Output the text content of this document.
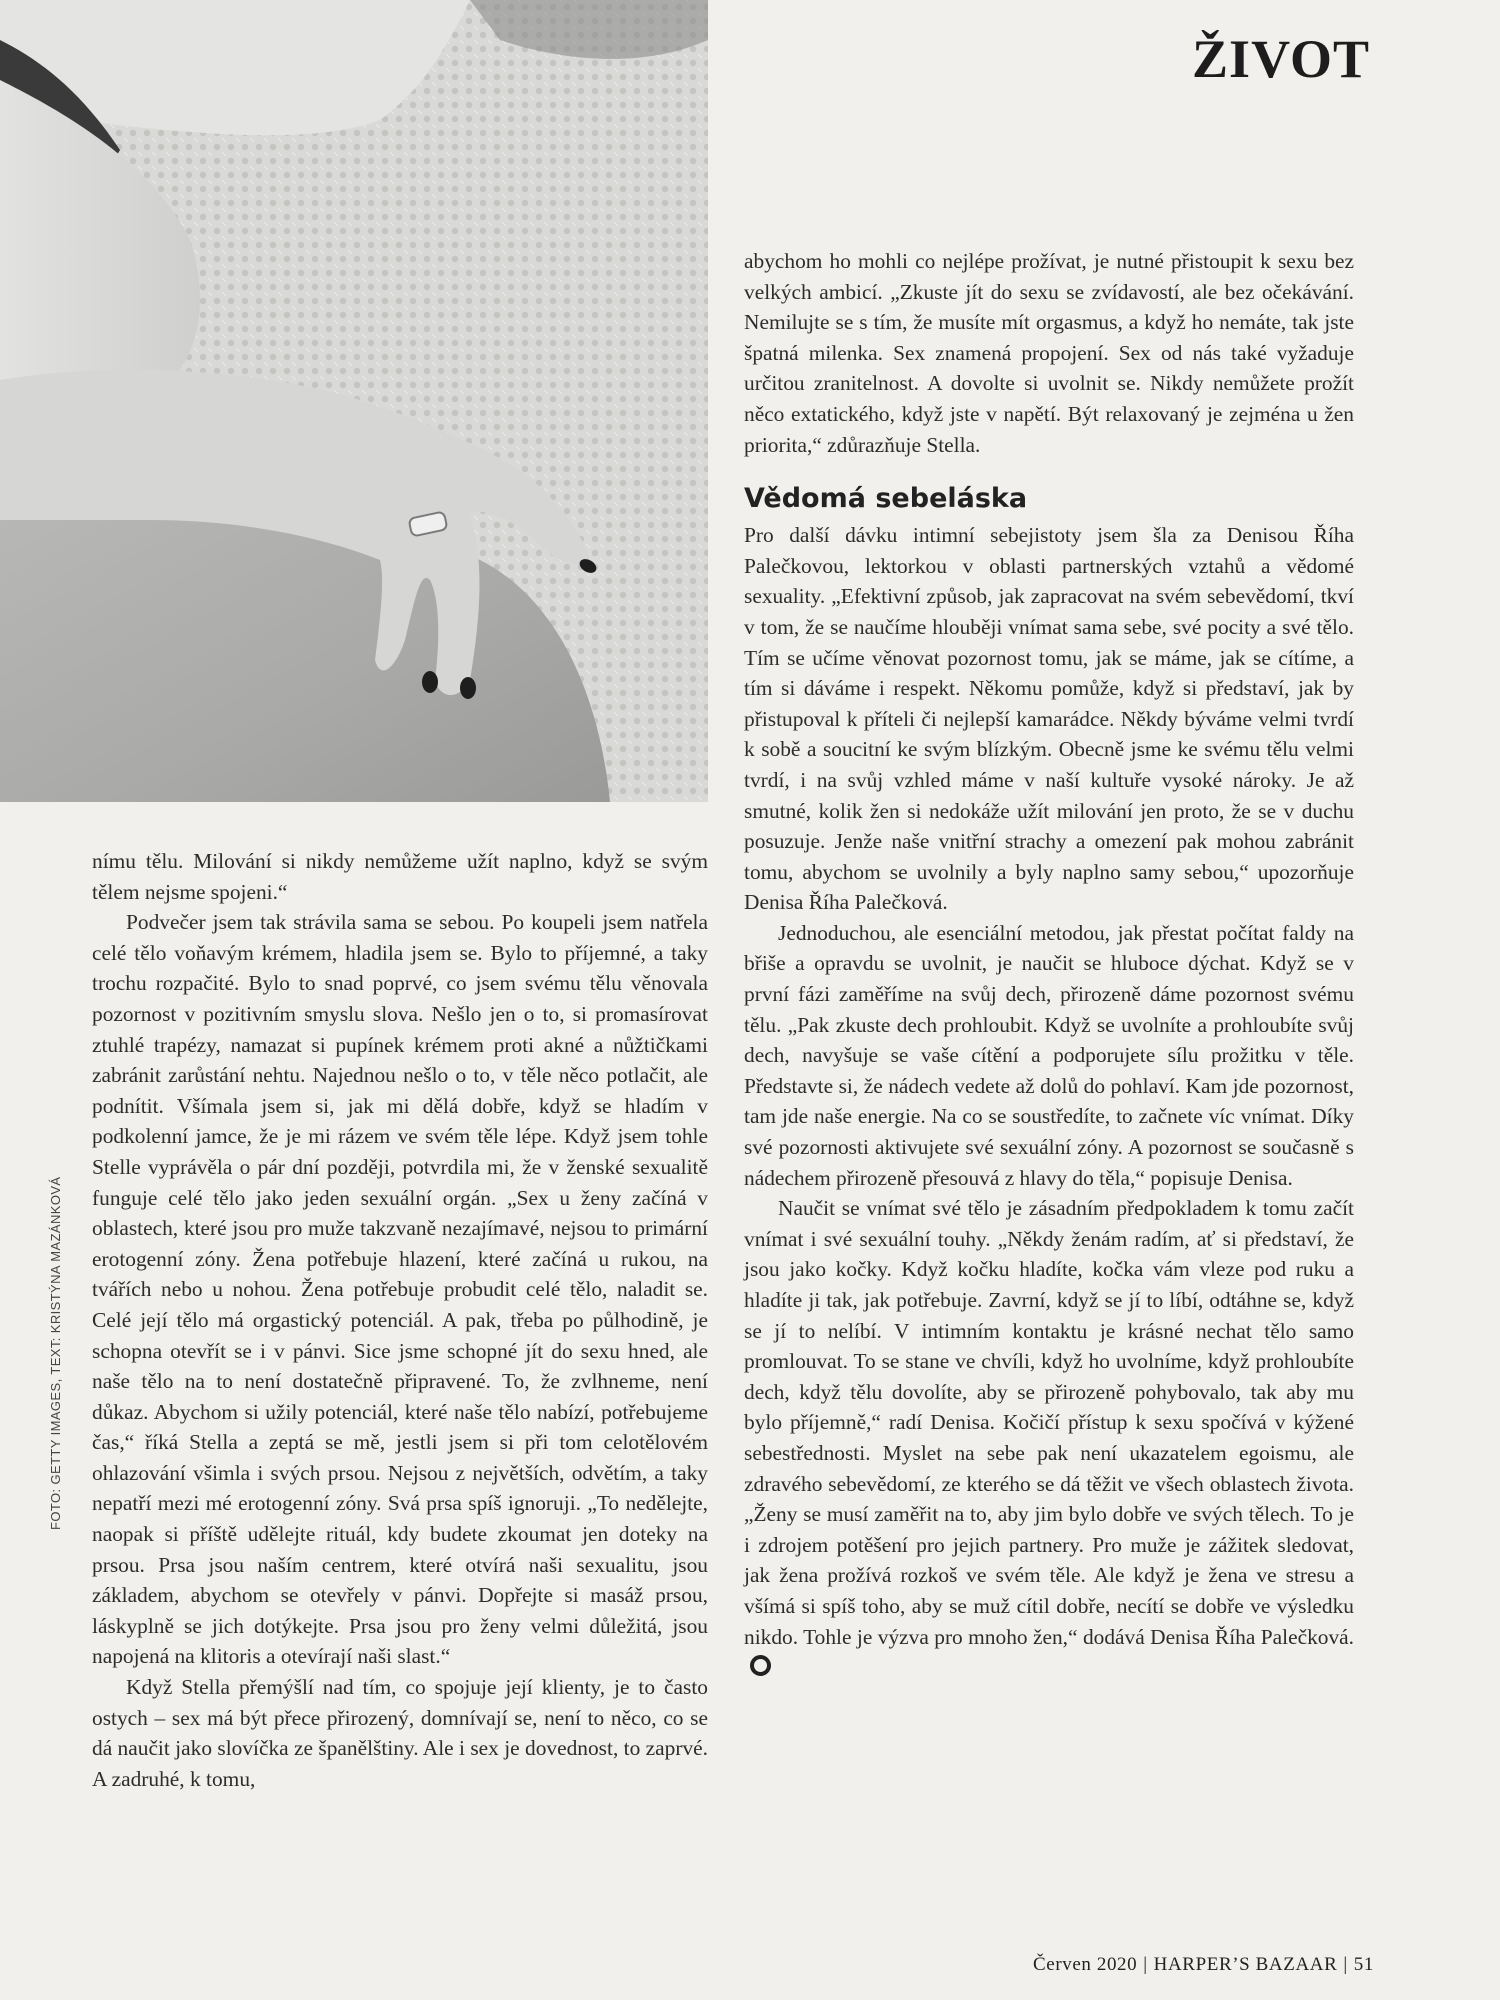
ŽIVOT

nímu tělu. Milování si nikdy nemůžeme užít naplno, když se svým tělem nejsme spojeni.“

Podvečer jsem tak strávila sama se sebou. Po koupeli jsem natřela celé tělo voňavým krémem, hladila jsem se. Bylo to příjemné, a taky trochu rozpačité. Bylo to snad poprvé, co jsem svému tělu věnovala pozornost v pozitivním smyslu slova. Nešlo jen o to, si promasírovat ztuhlé trapézy, namazat si pupínek krémem proti akné a nůžtičkami zabránit zarůstání nehtu. Najednou nešlo o to, v těle něco potlačit, ale podnítit. Všímala jsem si, jak mi dělá dobře, když se hladím v podkolenní jamce, že je mi rázem ve svém těle lépe. Když jsem tohle Stelle vyprávěla o pár dní později, potvrdila mi, že v ženské sexualitě funguje celé tělo jako jeden sexuální orgán. „Sex u ženy začíná v oblastech, které jsou pro muže takzvaně nezajímavé, nejsou to primární erotogenní zóny. Žena potřebuje hlazení, které začíná u rukou, na tvářích nebo u nohou. Žena potřebuje probudit celé tělo, naladit se. Celé její tělo má orgastický potenciál. A pak, třeba po půlhodině, je schopna otevřít se i v pánvi. Sice jsme schopné jít do sexu hned, ale naše tělo na to není dostatečně připravené. To, že zvlhneme, není důkaz. Abychom si užily potenciál, které naše tělo nabízí, potřebujeme čas,“ říká Stella a zeptá se mě, jestli jsem si při tom celotělovém ohlazování všimla i svých prsou. Nejsou z největších, odvětím, a taky nepatří mezi mé erotogenní zóny. Svá prsa spíš ignoruji. „To nedělejte, naopak si příště udělejte rituál, kdy budete zkoumat jen doteky na prsou. Prsa jsou naším centrem, které otvírá naši sexualitu, jsou základem, abychom se otevřely v pánvi. Dopřejte si masáž prsou, láskyplně se jich dotýkejte. Prsa jsou pro ženy velmi důležitá, jsou napojená na klitoris a otevírají naši slast.“

Když Stella přemýšlí nad tím, co spojuje její klienty, je to často ostych – sex má být přece přirozený, domnívají se, není to něco, co se dá naučit jako slovíčka ze španělštiny. Ale i sex je dovednost, to zaprvé. A zadruhé, k tomu,

abychom ho mohli co nejlépe prožívat, je nutné přistoupit k sexu bez velkých ambicí. „Zkuste jít do sexu se zvídavostí, ale bez očekávání. Nemilujte se s tím, že musíte mít orgasmus, a když ho nemáte, tak jste špatná milenka. Sex znamená propojení. Sex od nás také vyžaduje určitou zranitelnost. A dovolte si uvolnit se. Nikdy nemůžete prožít něco extatického, když jste v napětí. Být relaxovaný je zejména u žen priorita,“ zdůrazňuje Stella.

Vědomá sebeláska

Pro další dávku intimní sebejistoty jsem šla za Denisou Říha Palečkovou, lektorkou v oblasti partnerských vztahů a vědomé sexuality. „Efektivní způsob, jak zapracovat na svém sebevědomí, tkví v tom, že se naučíme hlouběji vnímat sama sebe, své pocity a své tělo. Tím se učíme věnovat pozornost tomu, jak se máme, jak se cítíme, a tím si dáváme i respekt. Někomu pomůže, když si představí, jak by přistupoval k příteli či nejlepší kamarádce. Někdy býváme velmi tvrdí k sobě a soucitní ke svým blízkým. Obecně jsme ke svému tělu velmi tvrdí, i na svůj vzhled máme v naší kultuře vysoké nároky. Je až smutné, kolik žen si nedokáže užít milování jen proto, že se v duchu posuzuje. Jenže naše vnitřní strachy a omezení pak mohou zabránit tomu, abychom se uvolnily a byly naplno samy sebou,“ upozorňuje Denisa Říha Palečková.

Jednoduchou, ale esenciální metodou, jak přestat počítat faldy na břiše a opravdu se uvolnit, je naučit se hluboce dýchat. Když se v první fázi zaměříme na svůj dech, přirozeně dáme pozornost svému tělu. „Pak zkuste dech prohloubit. Když se uvolníte a prohloubíte svůj dech, navyšuje se vaše cítění a podporujete sílu prožitku v těle. Představte si, že nádech vedete až dolů do pohlaví. Kam jde pozornost, tam jde naše energie. Na co se soustředíte, to začnete víc vnímat. Díky své pozornosti aktivujete své sexuální zóny. A pozornost se současně s nádechem přirozeně přesouvá z hlavy do těla,“ popisuje Denisa.

Naučit se vnímat své tělo je zásadním předpokladem k tomu začít vnímat i své sexuální touhy. „Někdy ženám radím, ať si představí, že jsou jako kočky. Když kočku hladíte, kočka vám vleze pod ruku a hladíte ji tak, jak potřebuje. Zavrní, když se jí to líbí, odtáhne se, když se jí to nelíbí. V intimním kontaktu je krásné nechat tělo samo promlouvat. To se stane ve chvíli, když ho uvolníme, když prohloubíte dech, když tělu dovolíte, aby se přirozeně pohybovalo, tak aby mu bylo příjemně,“ radí Denisa. Kočičí přístup k sexu spočívá v kýžené sebestřednosti. Myslet na sebe pak není ukazatelem egoismu, ale zdravého sebevědomí, ze kterého se dá těžit ve všech oblastech života. „Ženy se musí zaměřit na to, aby jim bylo dobře ve svých tělech. To je i zdrojem potěšení pro jejich partnery. Pro muže je zážitek sledovat, jak žena prožívá rozkoš ve svém těle. Ale když je žena ve stresu a všímá si spíš toho, aby se muž cítil dobře, necítí se dobře ve výsledku nikdo. Tohle je výzva pro mnoho žen,“ dodává Denisa Říha Palečková.

FOTO: GETTY IMAGES, TEXT: KRISTÝNA MAZÁNKOVÁ
Červen 2020 | HARPER’S BAZAAR | 51
